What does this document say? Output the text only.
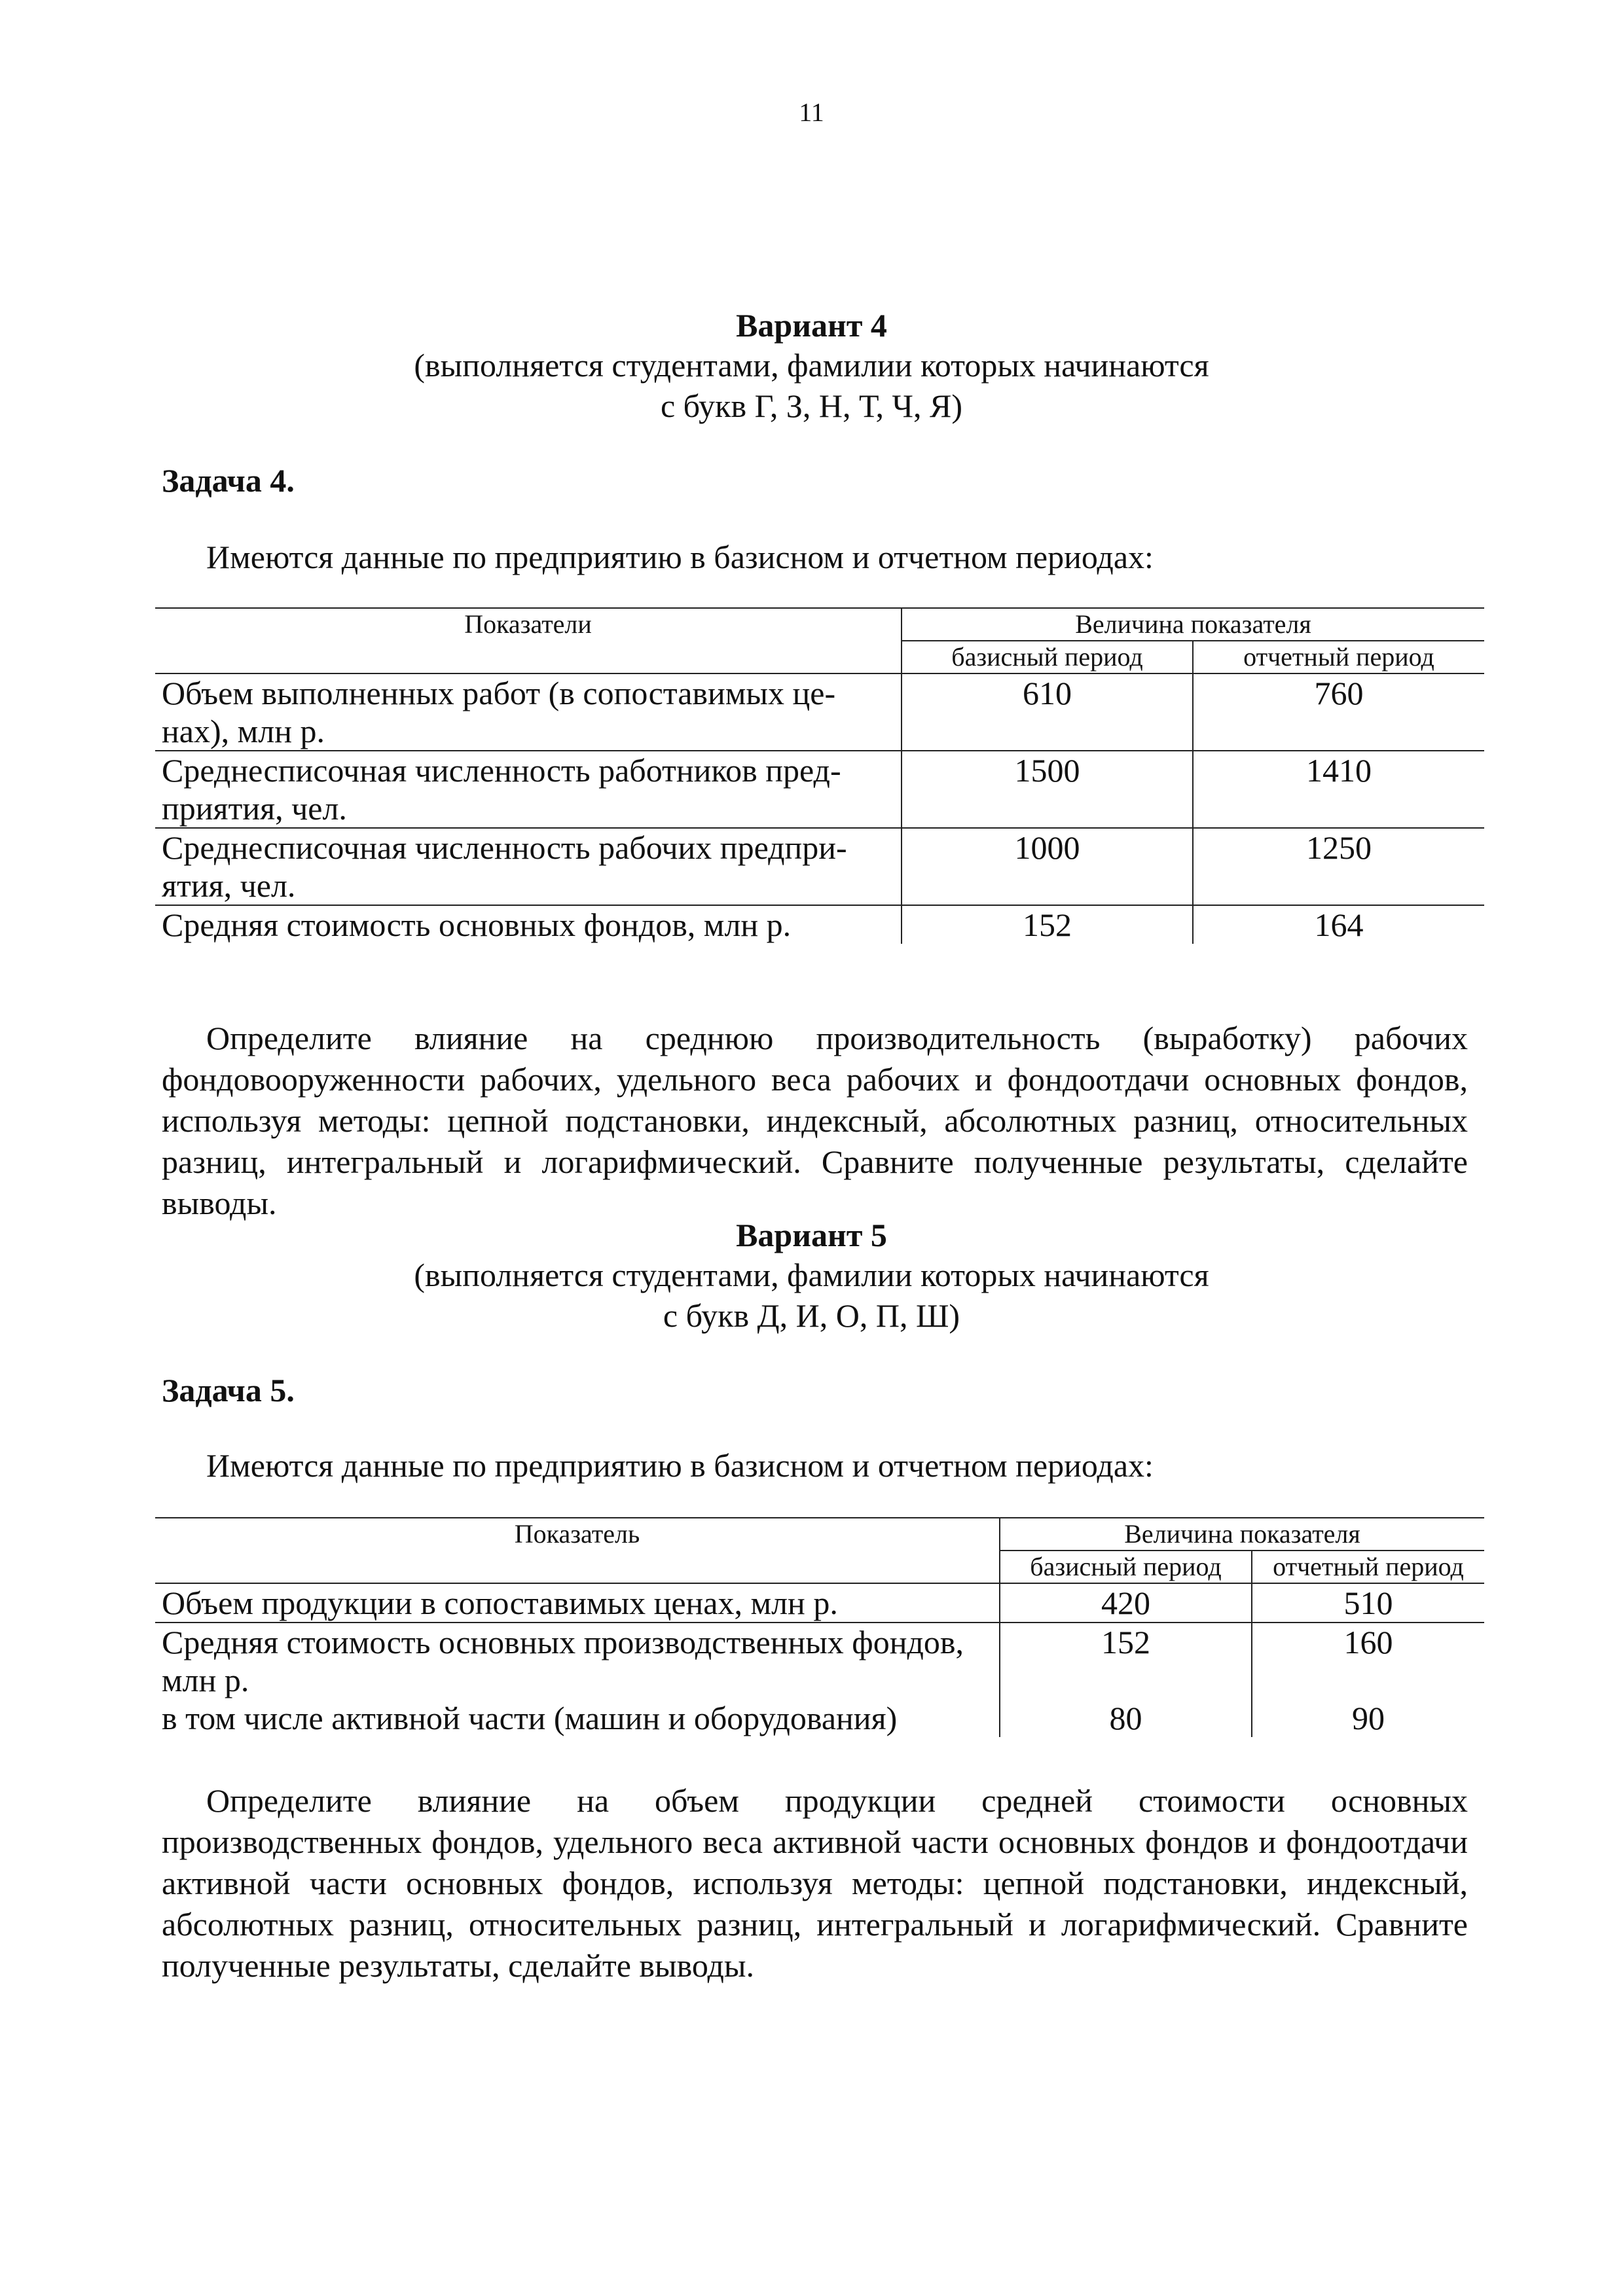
11
Вариант 4
(выполняется студентами, фамилии которых начинаются
с букв Г, З, Н, Т, Ч, Я)
Задача 4.
Имеются данные по предприятию в базисном и отчетном периодах:
Показатели	Величина показателя	
	базисный период	отчетный период
Объем выполненных работ (в сопоставимых це-нах), млн р.	610	760
Среднесписочная численность работников пред-приятия, чел.	1500	1410
Среднесписочная численность рабочих предпри-ятия, чел.	1000	1250
Средняя стоимость основных фондов, млн р.	152	164
Определите влияние на среднюю производительность (выработку) рабочих фондовооруженности рабочих, удельного веса рабочих и фондоотдачи основных фондов, используя методы: цепной подстановки, индексный, абсолютных разниц, относительных разниц, интегральный и логарифмический. Сравните полученные результаты, сделайте выводы.
Вариант 5
(выполняется студентами, фамилии которых начинаются
с букв Д, И, О, П, Ш)
Задача 5.
Имеются данные по предприятию в базисном и отчетном периодах:
Показатель	Величина показателя	
	базисный период	отчетный период
Объем продукции в сопоставимых ценах, млн р.	420	510
Средняя стоимость основных производственных фондов, млн р.	152	160
в том числе активной части (машин и оборудования)	80	90
Определите влияние на объем продукции средней стоимости основных производственных фондов, удельного веса активной части основных фондов и фондоотдачи активной части основных фондов, используя методы: цепной подстановки, индексный, абсолютных разниц, относительных разниц, интегральный и логарифмический. Сравните полученные результаты, сделайте выводы.
